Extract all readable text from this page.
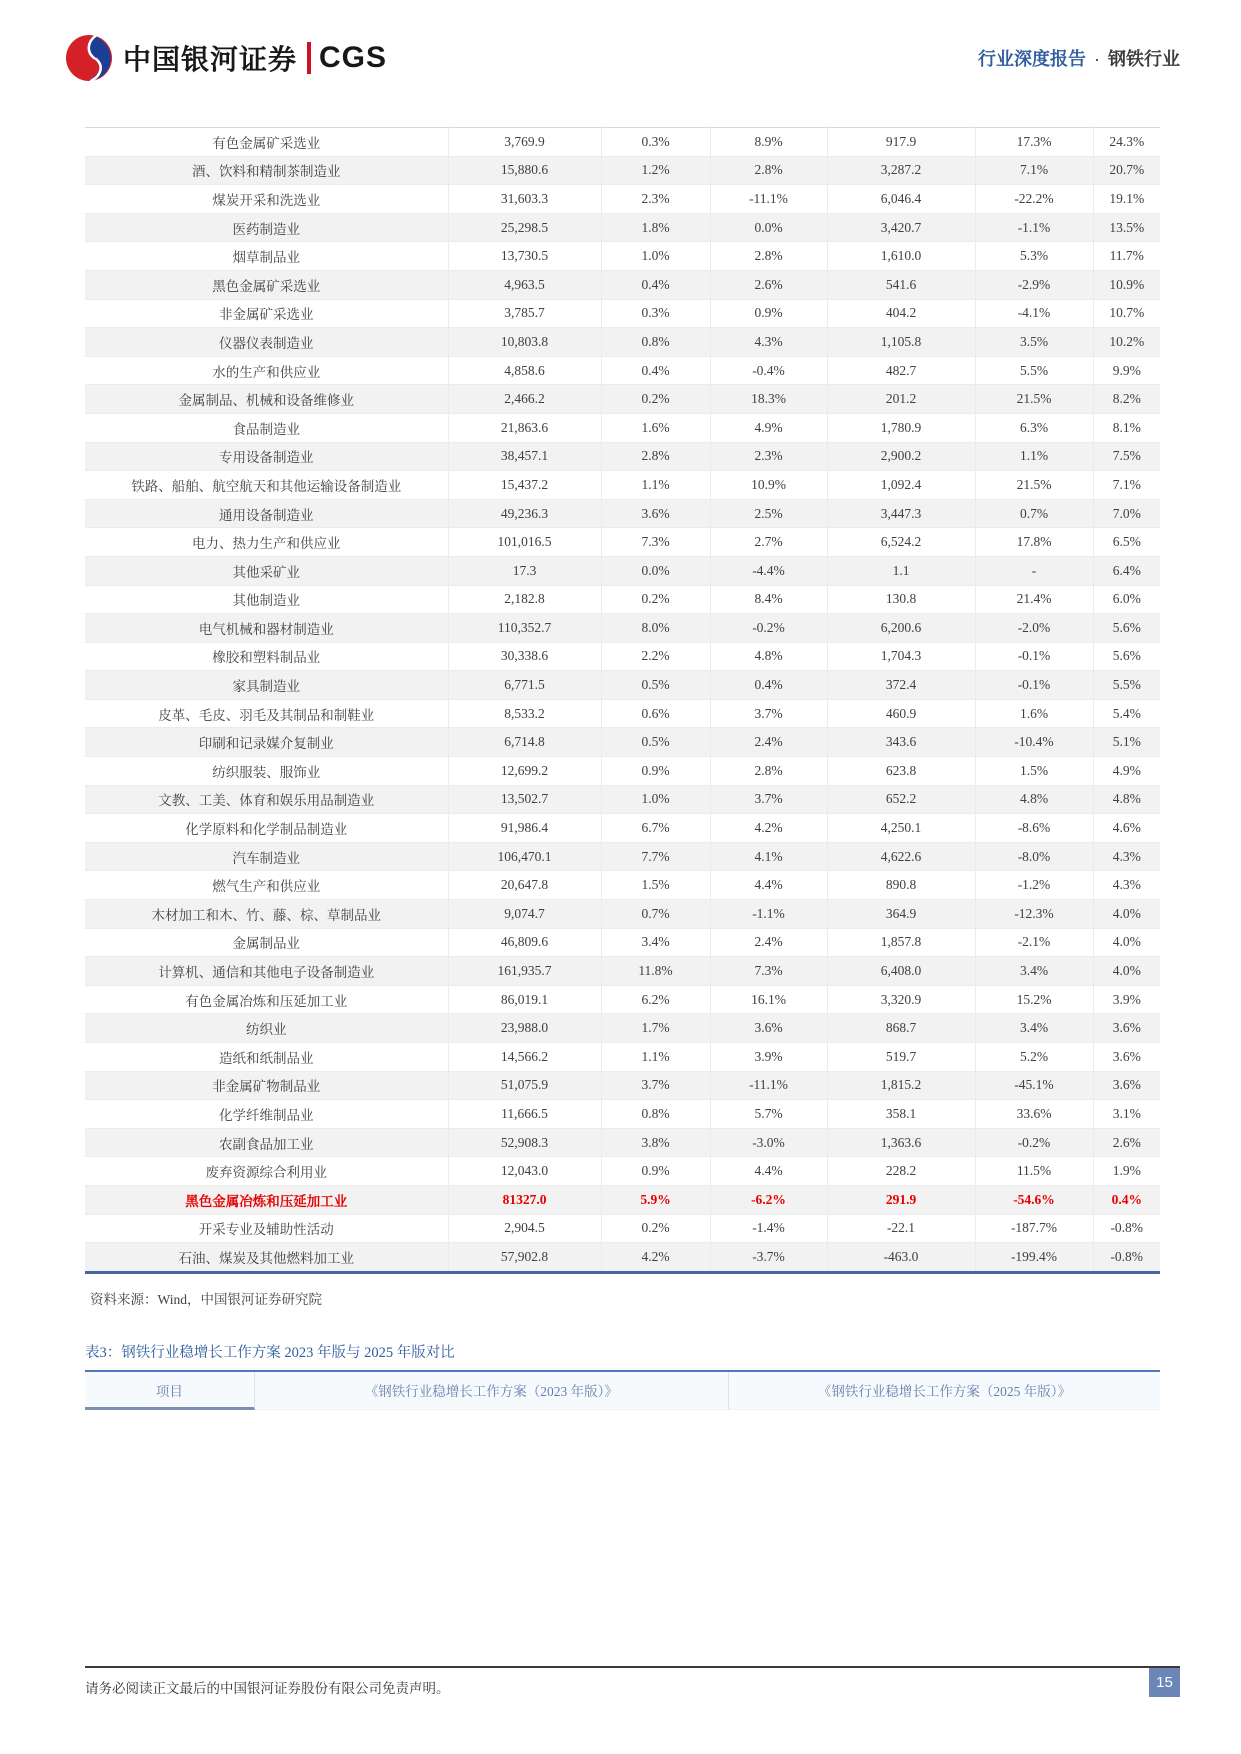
中国银河证券 CGS	行业深度报告 · 钢铁行业
有色金属矿采选业	3,769.9	0.3%	8.9%	917.9	17.3%	24.3%
酒、饮料和精制茶制造业	15,880.6	1.2%	2.8%	3,287.2	7.1%	20.7%
煤炭开采和洗选业	31,603.3	2.3%	-11.1%	6,046.4	-22.2%	19.1%
医药制造业	25,298.5	1.8%	0.0%	3,420.7	-1.1%	13.5%
烟草制品业	13,730.5	1.0%	2.8%	1,610.0	5.3%	11.7%
黑色金属矿采选业	4,963.5	0.4%	2.6%	541.6	-2.9%	10.9%
非金属矿采选业	3,785.7	0.3%	0.9%	404.2	-4.1%	10.7%
仪器仪表制造业	10,803.8	0.8%	4.3%	1,105.8	3.5%	10.2%
水的生产和供应业	4,858.6	0.4%	-0.4%	482.7	5.5%	9.9%
金属制品、机械和设备维修业	2,466.2	0.2%	18.3%	201.2	21.5%	8.2%
食品制造业	21,863.6	1.6%	4.9%	1,780.9	6.3%	8.1%
专用设备制造业	38,457.1	2.8%	2.3%	2,900.2	1.1%	7.5%
铁路、船舶、航空航天和其他运输设备制造业	15,437.2	1.1%	10.9%	1,092.4	21.5%	7.1%
通用设备制造业	49,236.3	3.6%	2.5%	3,447.3	0.7%	7.0%
电力、热力生产和供应业	101,016.5	7.3%	2.7%	6,524.2	17.8%	6.5%
其他采矿业	17.3	0.0%	-4.4%	1.1	-	6.4%
其他制造业	2,182.8	0.2%	8.4%	130.8	21.4%	6.0%
电气机械和器材制造业	110,352.7	8.0%	-0.2%	6,200.6	-2.0%	5.6%
橡胶和塑料制品业	30,338.6	2.2%	4.8%	1,704.3	-0.1%	5.6%
家具制造业	6,771.5	0.5%	0.4%	372.4	-0.1%	5.5%
皮革、毛皮、羽毛及其制品和制鞋业	8,533.2	0.6%	3.7%	460.9	1.6%	5.4%
印刷和记录媒介复制业	6,714.8	0.5%	2.4%	343.6	-10.4%	5.1%
纺织服装、服饰业	12,699.2	0.9%	2.8%	623.8	1.5%	4.9%
文教、工美、体育和娱乐用品制造业	13,502.7	1.0%	3.7%	652.2	4.8%	4.8%
化学原料和化学制品制造业	91,986.4	6.7%	4.2%	4,250.1	-8.6%	4.6%
汽车制造业	106,470.1	7.7%	4.1%	4,622.6	-8.0%	4.3%
燃气生产和供应业	20,647.8	1.5%	4.4%	890.8	-1.2%	4.3%
木材加工和木、竹、藤、棕、草制品业	9,074.7	0.7%	-1.1%	364.9	-12.3%	4.0%
金属制品业	46,809.6	3.4%	2.4%	1,857.8	-2.1%	4.0%
计算机、通信和其他电子设备制造业	161,935.7	11.8%	7.3%	6,408.0	3.4%	4.0%
有色金属冶炼和压延加工业	86,019.1	6.2%	16.1%	3,320.9	15.2%	3.9%
纺织业	23,988.0	1.7%	3.6%	868.7	3.4%	3.6%
造纸和纸制品业	14,566.2	1.1%	3.9%	519.7	5.2%	3.6%
非金属矿物制品业	51,075.9	3.7%	-11.1%	1,815.2	-45.1%	3.6%
化学纤维制品业	11,666.5	0.8%	5.7%	358.1	33.6%	3.1%
农副食品加工业	52,908.3	3.8%	-3.0%	1,363.6	-0.2%	2.6%
废弃资源综合利用业	12,043.0	0.9%	4.4%	228.2	11.5%	1.9%
黑色金属冶炼和压延加工业	81327.0	5.9%	-6.2%	291.9	-54.6%	0.4%
开采专业及辅助性活动	2,904.5	0.2%	-1.4%	-22.1	-187.7%	-0.8%
石油、煤炭及其他燃料加工业	57,902.8	4.2%	-3.7%	-463.0	-199.4%	-0.8%
资料来源：Wind，中国银河证券研究院
表3：钢铁行业稳增长工作方案 2023 年版与 2025 年版对比
项目	《钢铁行业稳增长工作方案（2023 年版）》	《钢铁行业稳增长工作方案（2025 年版）》
请务必阅读正文最后的中国银河证券股份有限公司免责声明。	15
